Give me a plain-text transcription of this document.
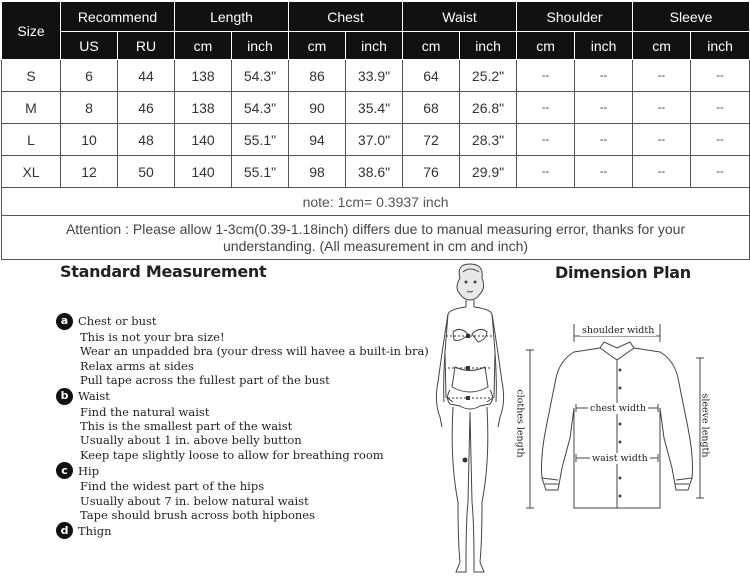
Size	Recommend		Length		Chest		Waist		Shoulder		Sleeve	
	US	RU	cm	inch	cm	inch	cm	inch	cm	inch	cm	inch
S	6	44	138	54.3"	86	33.9"	64	25.2"	--	--	--	--
M	8	46	138	54.3"	90	35.4"	68	26.8"	--	--	--	--
L	10	48	140	55.1"	94	37.0"	72	28.3"	--	--	--	--
XL	12	50	140	55.1"	98	38.6"	76	29.9"	--	--	--	--
note: 1cm= 0.3937 inch												
Attention : Please allow 1-3cm(0.39-1.18inch) differs due to manual measuring error, thanks for your understanding. (All measurement in cm and inch)												
Standard Measurement
a Chest or bust
This is not your bra size!
Wear an unpadded bra (your dress will havee a built-in bra)
Relax arms at sides
Pull tape across the fullest part of the bust
b Waist
Find the natural waist
This is the smallest part of the waist
Usually about 1 in. above belly button
Keep tape slightly loose to allow for breathing room
c Hip
Find the widest part of the hips
Usually about 7 in. below natural waist
Tape should brush across both hipbones
d Thign
Dimension Plan
shoulder width
chest width
waist width
clothes length	sleeve length
